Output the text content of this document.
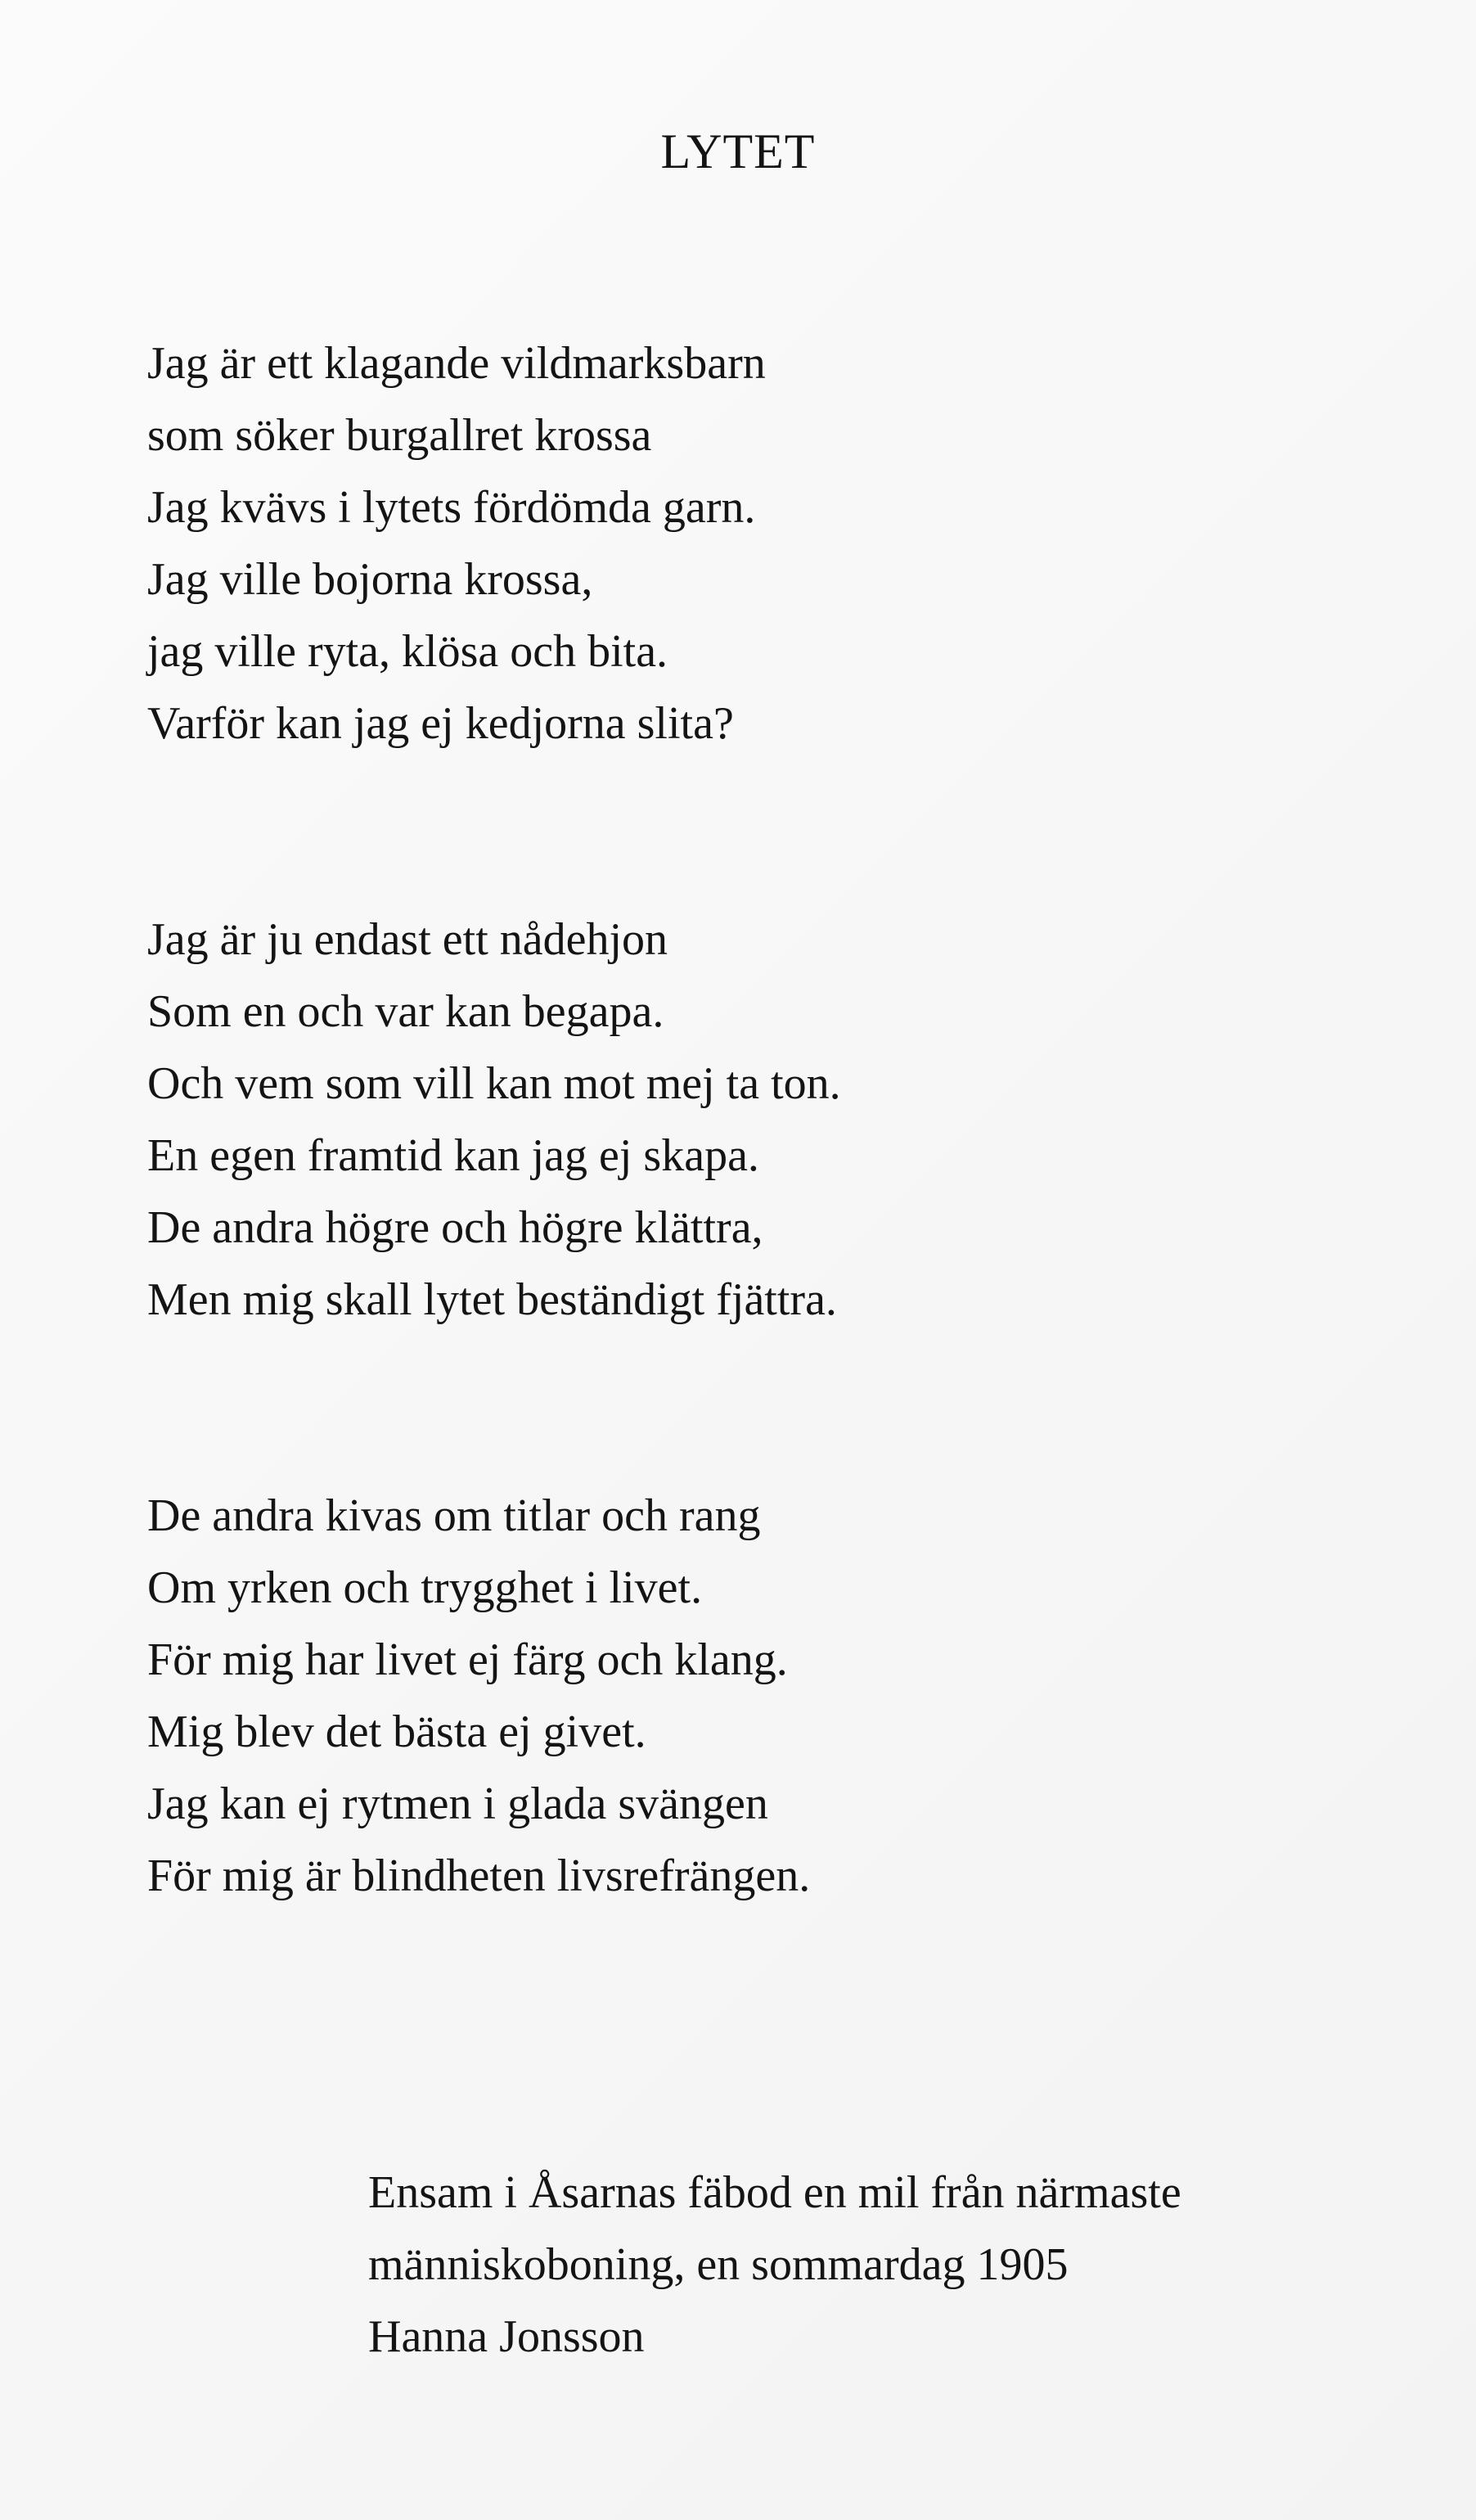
LYTET
Jag är ett klagande vildmarksbarn
som söker burgallret krossa
Jag kvävs i lytets fördömda garn.
Jag ville bojorna krossa,
jag ville ryta, klösa och bita.
Varför kan jag ej kedjorna slita?
Jag är ju endast ett nådehjon
Som en och var kan begapa.
Och vem som vill kan mot mej ta ton.
En egen framtid kan jag ej skapa.
De andra högre och högre klättra,
Men mig skall lytet beständigt fjättra.
De andra kivas om titlar och rang
Om yrken och trygghet i livet.
För mig har livet ej färg och klang.
Mig blev det bästa ej givet.
Jag kan ej rytmen i glada svängen
För mig är blindheten livsrefrängen.
Ensam i Åsarnas fäbod en mil från närmaste
människoboning, en sommardag 1905
Hanna Jonsson
